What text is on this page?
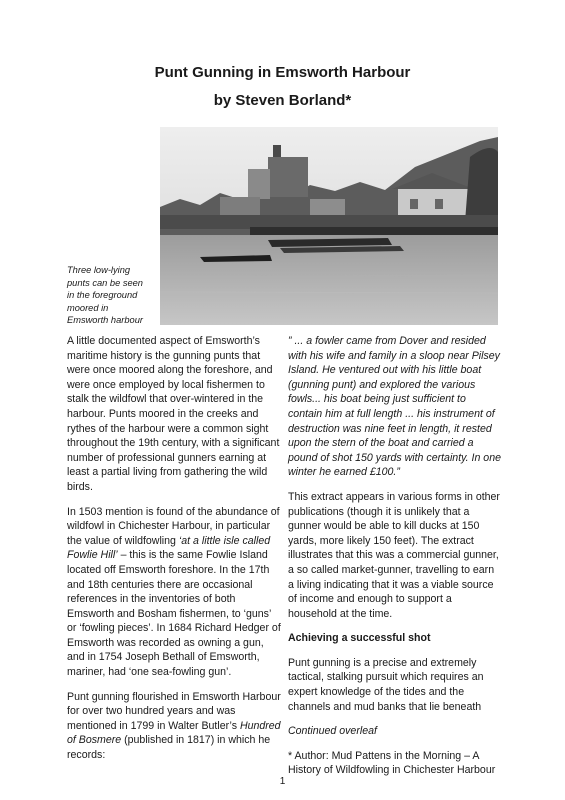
Punt Gunning in Emsworth Harbour
by Steven Borland*
Three low-lying punts can be seen in the foreground moored in Emsworth harbour

A little documented aspect of Emsworth’s maritime history is the gunning punts that were once moored along the foreshore, and were once employed by local fishermen to stalk the wildfowl that over-wintered in the harbour. Punts moored in the creeks and rythes of the harbour were a common sight throughout the 19th century, with a significant number of professional gunners earning at least a partial living from gathering the wild birds.

In 1503 mention is found of the abundance of wildfowl in Chichester Harbour, in particular the value of wildfowling ‘at a little isle called Fowlie Hill’ – this is the same Fowlie Island located off Emsworth foreshore. In the 17th and 18th centuries there are occasional references in the inventories of both Emsworth and Bosham fishermen, to ‘guns’ or ‘fowling pieces’. In 1684 Richard Hedger of Emsworth was recorded as owning a gun, and in 1754 Joseph Bethall of Emsworth, mariner, had ‘one sea-fowling gun’.

Punt gunning flourished in Emsworth Harbour for over two hundred years and was mentioned in 1799 in Walter Butler’s Hundred of Bosmere (published in 1817) in which he records:

” ... a fowler came from Dover and resided with his wife and family in a sloop near Pilsey Island. He ventured out with his little boat (gunning punt) and explored the various fowls... his boat being just sufficient to contain him at full length ... his instrument of destruction was nine feet in length, it rested upon the stern of the boat and carried a pound of shot 150 yards with certainty. In one winter he earned £100.”

This extract appears in various forms in other publications (though it is unlikely that a gunner would be able to kill ducks at 150 yards, more likely 150 feet). The extract illustrates that this was a commercial gunner, a so called market-gunner, travelling to earn a living indicating that it was a viable source of income and enough to support a household at the time.

Achieving a successful shot

Punt gunning is a precise and extremely tactical, stalking pursuit which requires an expert knowledge of the tides and the channels and mud banks that lie beneath

Continued overleaf

* Author: Mud Pattens in the Morning – A History of Wildfowling in Chichester Harbour

1
